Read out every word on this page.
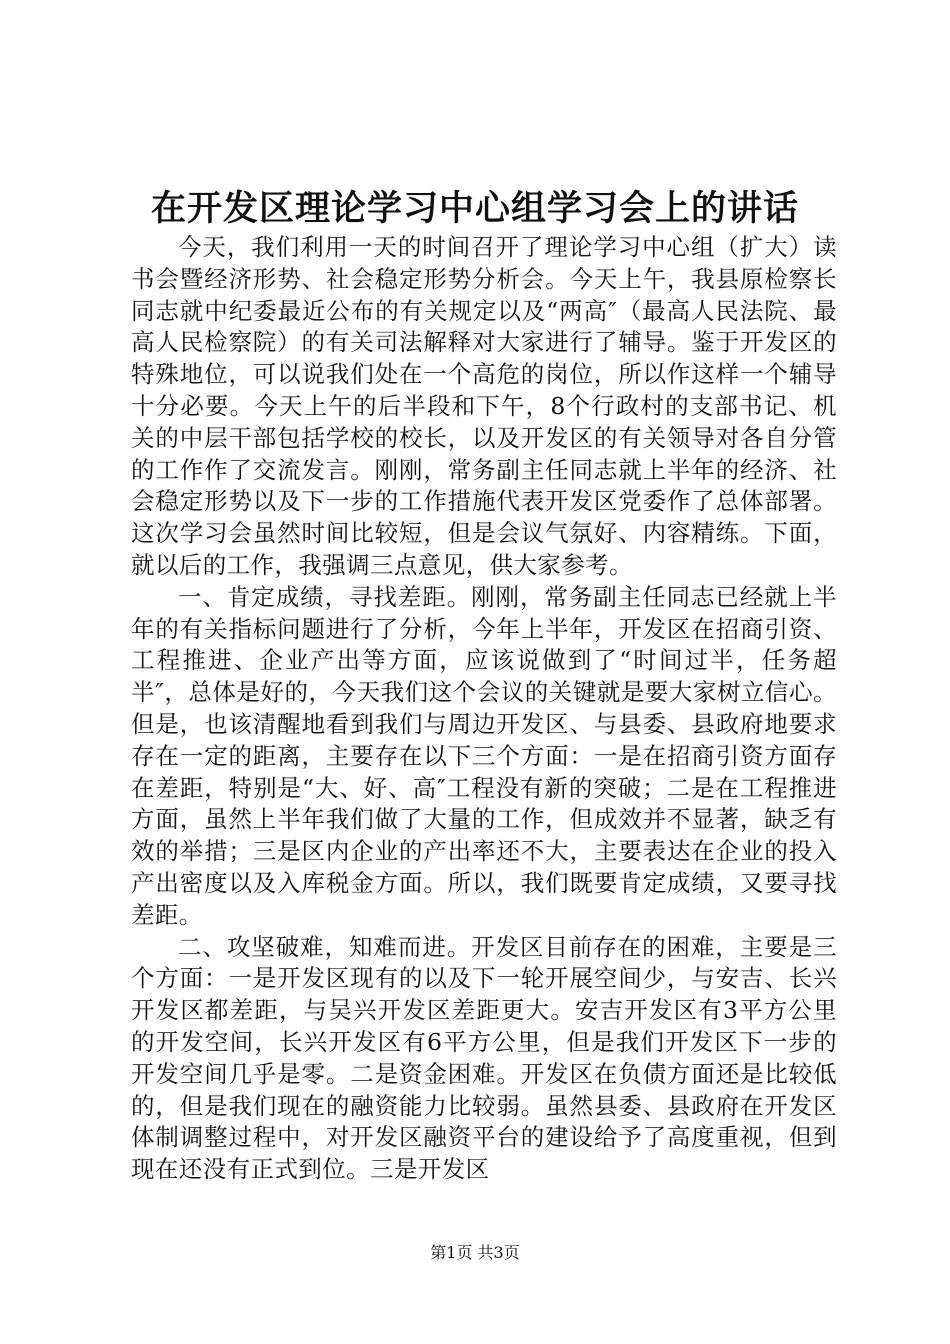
在开发区理论学习中心组学习会上的讲话

今天，我们利用一天的时间召开了理论学习中心组（扩大）读书会暨经济形势、社会稳定形势分析会。今天上午，我县原检察长同志就中纪委最近公布的有关规定以及“两高″（最高人民法院、最高人民检察院）的有关司法解释对大家进行了辅导。鉴于开发区的特殊地位，可以说我们处在一个高危的岗位，所以作这样一个辅导十分必要。今天上午的后半段和下午，8个行政村的支部书记、机关的中层干部包括学校的校长，以及开发区的有关领导对各自分管的工作作了交流发言。刚刚，常务副主任同志就上半年的经济、社会稳定形势以及下一步的工作措施代表开发区党委作了总体部署。这次学习会虽然时间比较短，但是会议气氛好、内容精练。下面，就以后的工作，我强调三点意见，供大家参考。

一、肯定成绩，寻找差距。刚刚，常务副主任同志已经就上半年的有关指标问题进行了分析，今年上半年，开发区在招商引资、工程推进、企业产出等方面，应该说做到了“时间过半，任务超半″，总体是好的，今天我们这个会议的关键就是要大家树立信心。但是，也该清醒地看到我们与周边开发区、与县委、县政府地要求存在一定的距离，主要存在以下三个方面：一是在招商引资方面存在差距，特别是“大、好、高″工程没有新的突破；二是在工程推进方面，虽然上半年我们做了大量的工作，但成效并不显著，缺乏有效的举措；三是区内企业的产出率还不大，主要表达在企业的投入产出密度以及入库税金方面。所以，我们既要肯定成绩，又要寻找差距。

二、攻坚破难，知难而进。开发区目前存在的困难，主要是三个方面：一是开发区现有的以及下一轮开展空间少，与安吉、长兴开发区都差距，与吴兴开发区差距更大。安吉开发区有3平方公里的开发空间，长兴开发区有6平方公里，但是我们开发区下一步的开发空间几乎是零。二是资金困难。开发区在负债方面还是比较低的，但是我们现在的融资能力比较弱。虽然县委、县政府在开发区体制调整过程中，对开发区融资平台的建设给予了高度重视，但到现在还没有正式到位。三是开发区

第1页 共3页
